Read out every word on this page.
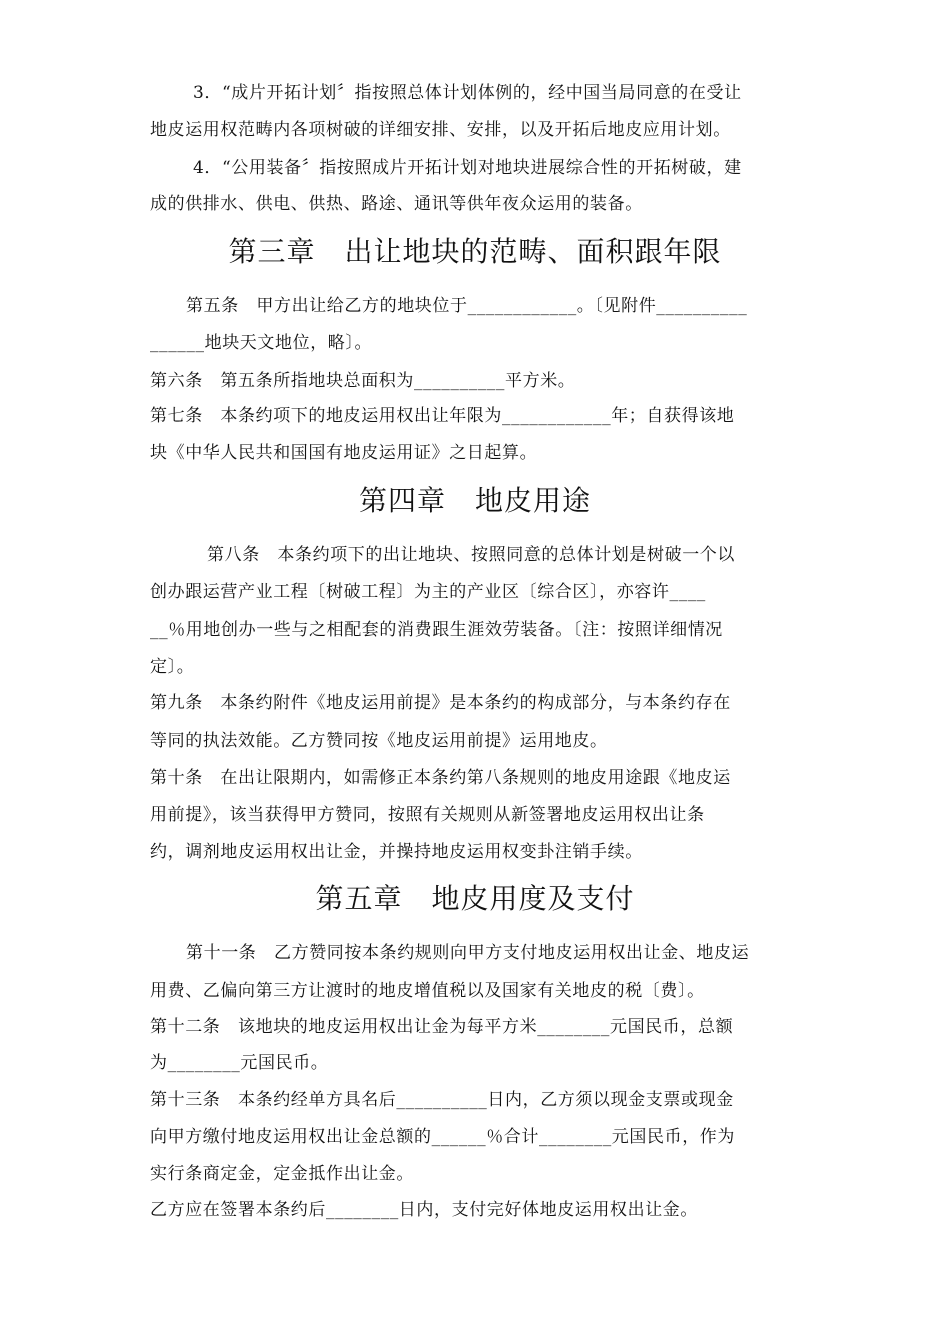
3．“成片开拓计划〞指按照总体计划体例的，经中国当局同意的在受让
地皮运用权范畴内各项树破的详细安排、安排，以及开拓后地皮应用计划。
4．“公用装备〞指按照成片开拓计划对地块进展综合性的开拓树破，建
成的供排水、供电、供热、路途、通讯等供年夜众运用的装备。
第三章　出让地块的范畴、面积跟年限
第五条　甲方出让给乙方的地块位于____________。〔见附件__________
______地块天文地位，略〕。
第六条　第五条所指地块总面积为__________平方米。
第七条　本条约项下的地皮运用权出让年限为____________年；自获得该地
块《中华人民共和国国有地皮运用证》之日起算。
第四章　地皮用途
第八条　本条约项下的出让地块、按照同意的总体计划是树破一个以
创办跟运营产业工程〔树破工程〕为主的产业区〔综合区〕，亦容许____
__％用地创办一些与之相配套的消费跟生涯效劳装备。〔注：按照详细情况
定〕。
第九条　本条约附件《地皮运用前提》是本条约的构成部分，与本条约存在
等同的执法效能。乙方赞同按《地皮运用前提》运用地皮。
第十条　在出让限期内，如需修正本条约第八条规则的地皮用途跟《地皮运
用前提》，该当获得甲方赞同，按照有关规则从新签署地皮运用权出让条
约，调剂地皮运用权出让金，并操持地皮运用权变卦注销手续。
第五章　地皮用度及支付
第十一条　乙方赞同按本条约规则向甲方支付地皮运用权出让金、地皮运
用费、乙偏向第三方让渡时的地皮增值税以及国家有关地皮的税〔费〕。
第十二条　该地块的地皮运用权出让金为每平方米________元国民币，总额
为________元国民币。
第十三条　本条约经单方具名后__________日内，乙方须以现金支票或现金
向甲方缴付地皮运用权出让金总额的______％合计________元国民币，作为
实行条商定金，定金抵作出让金。
乙方应在签署本条约后________日内，支付完好体地皮运用权出让金。
